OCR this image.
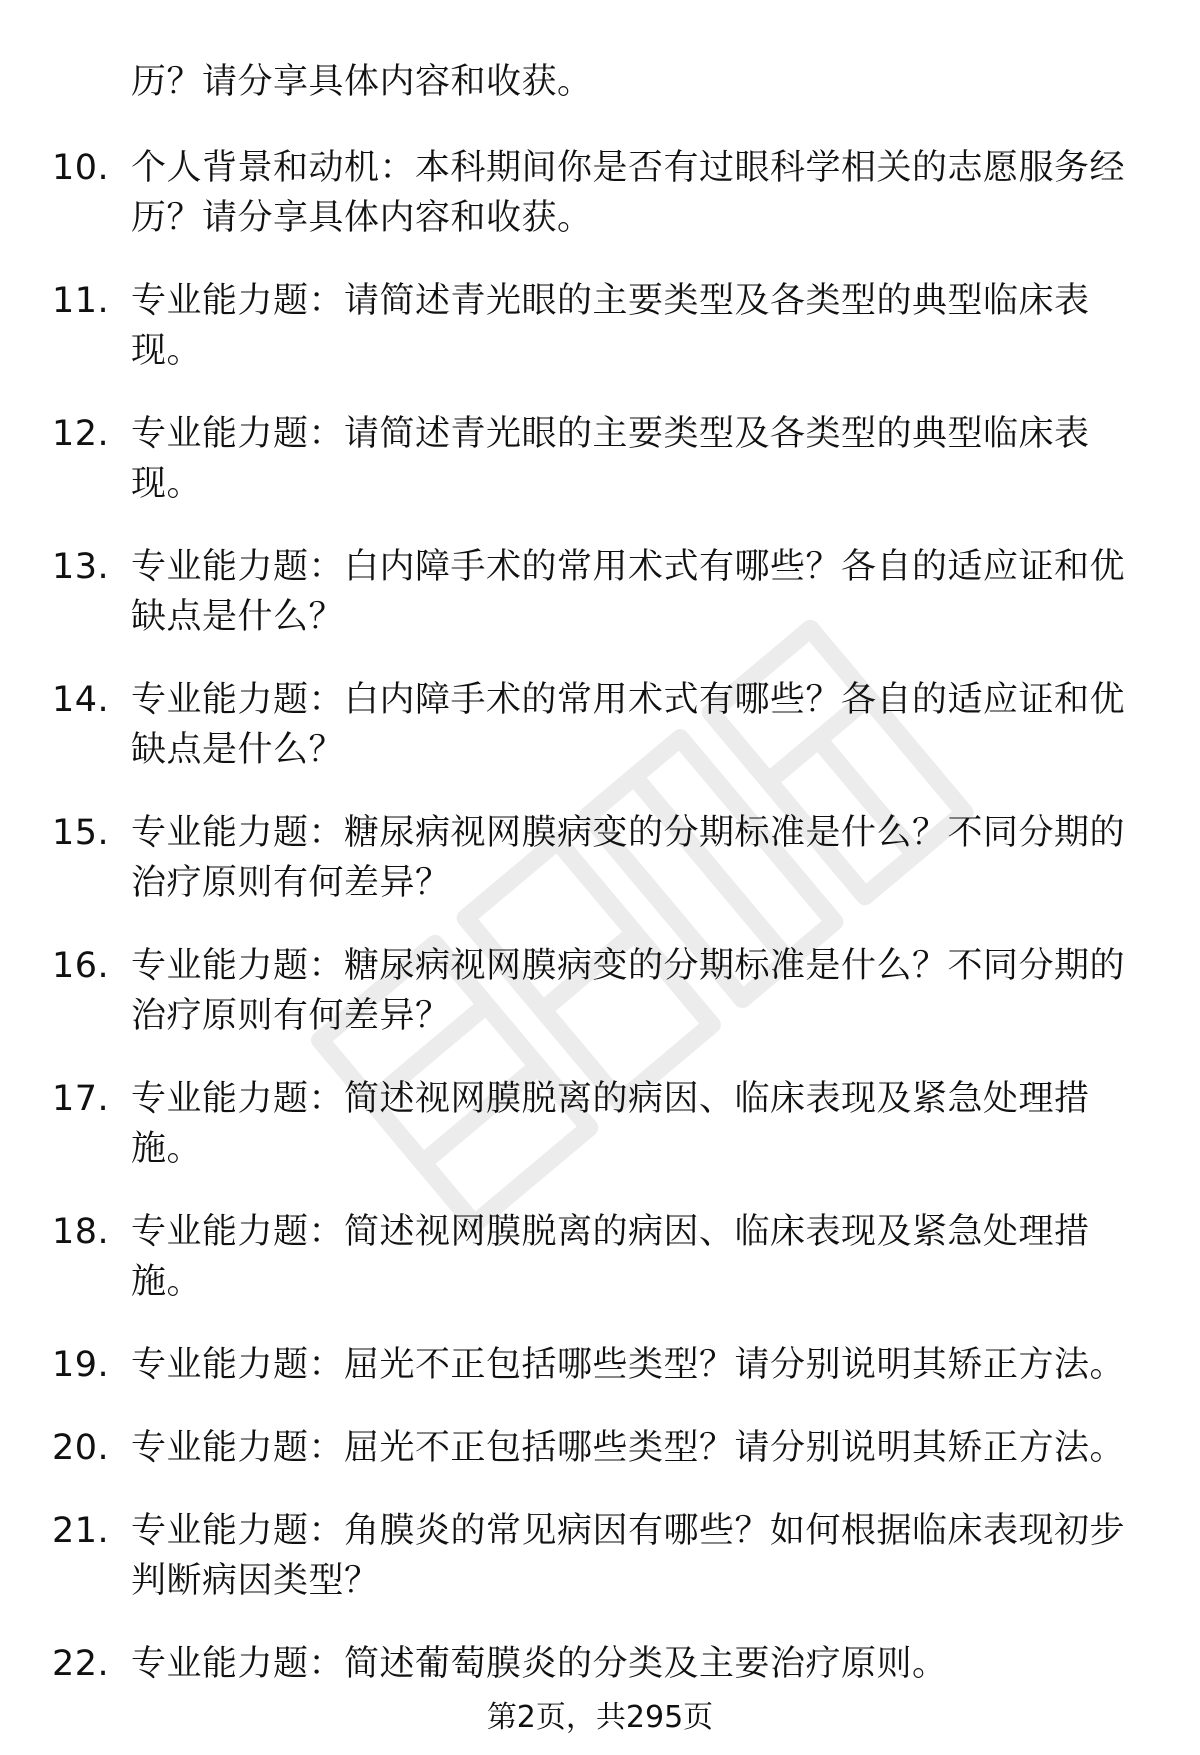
历？请分享具体内容和收获。
10. 个人背景和动机：本科期间你是否有过眼科学相关的志愿服务经历？请分享具体内容和收获。
11. 专业能力题：请简述青光眼的主要类型及各类型的典型临床表现。
12. 专业能力题：请简述青光眼的主要类型及各类型的典型临床表现。
13. 专业能力题：白内障手术的常用术式有哪些？各自的适应证和优缺点是什么？
14. 专业能力题：白内障手术的常用术式有哪些？各自的适应证和优缺点是什么？
15. 专业能力题：糖尿病视网膜病变的分期标准是什么？不同分期的治疗原则有何差异？
16. 专业能力题：糖尿病视网膜病变的分期标准是什么？不同分期的治疗原则有何差异？
17. 专业能力题：简述视网膜脱离的病因、临床表现及紧急处理措施。
18. 专业能力题：简述视网膜脱离的病因、临床表现及紧急处理措施。
19. 专业能力题：屈光不正包括哪些类型？请分别说明其矫正方法。
20. 专业能力题：屈光不正包括哪些类型？请分别说明其矫正方法。
21. 专业能力题：角膜炎的常见病因有哪些？如何根据临床表现初步判断病因类型？
22. 专业能力题：简述葡萄膜炎的分类及主要治疗原则。
第2页，共295页
